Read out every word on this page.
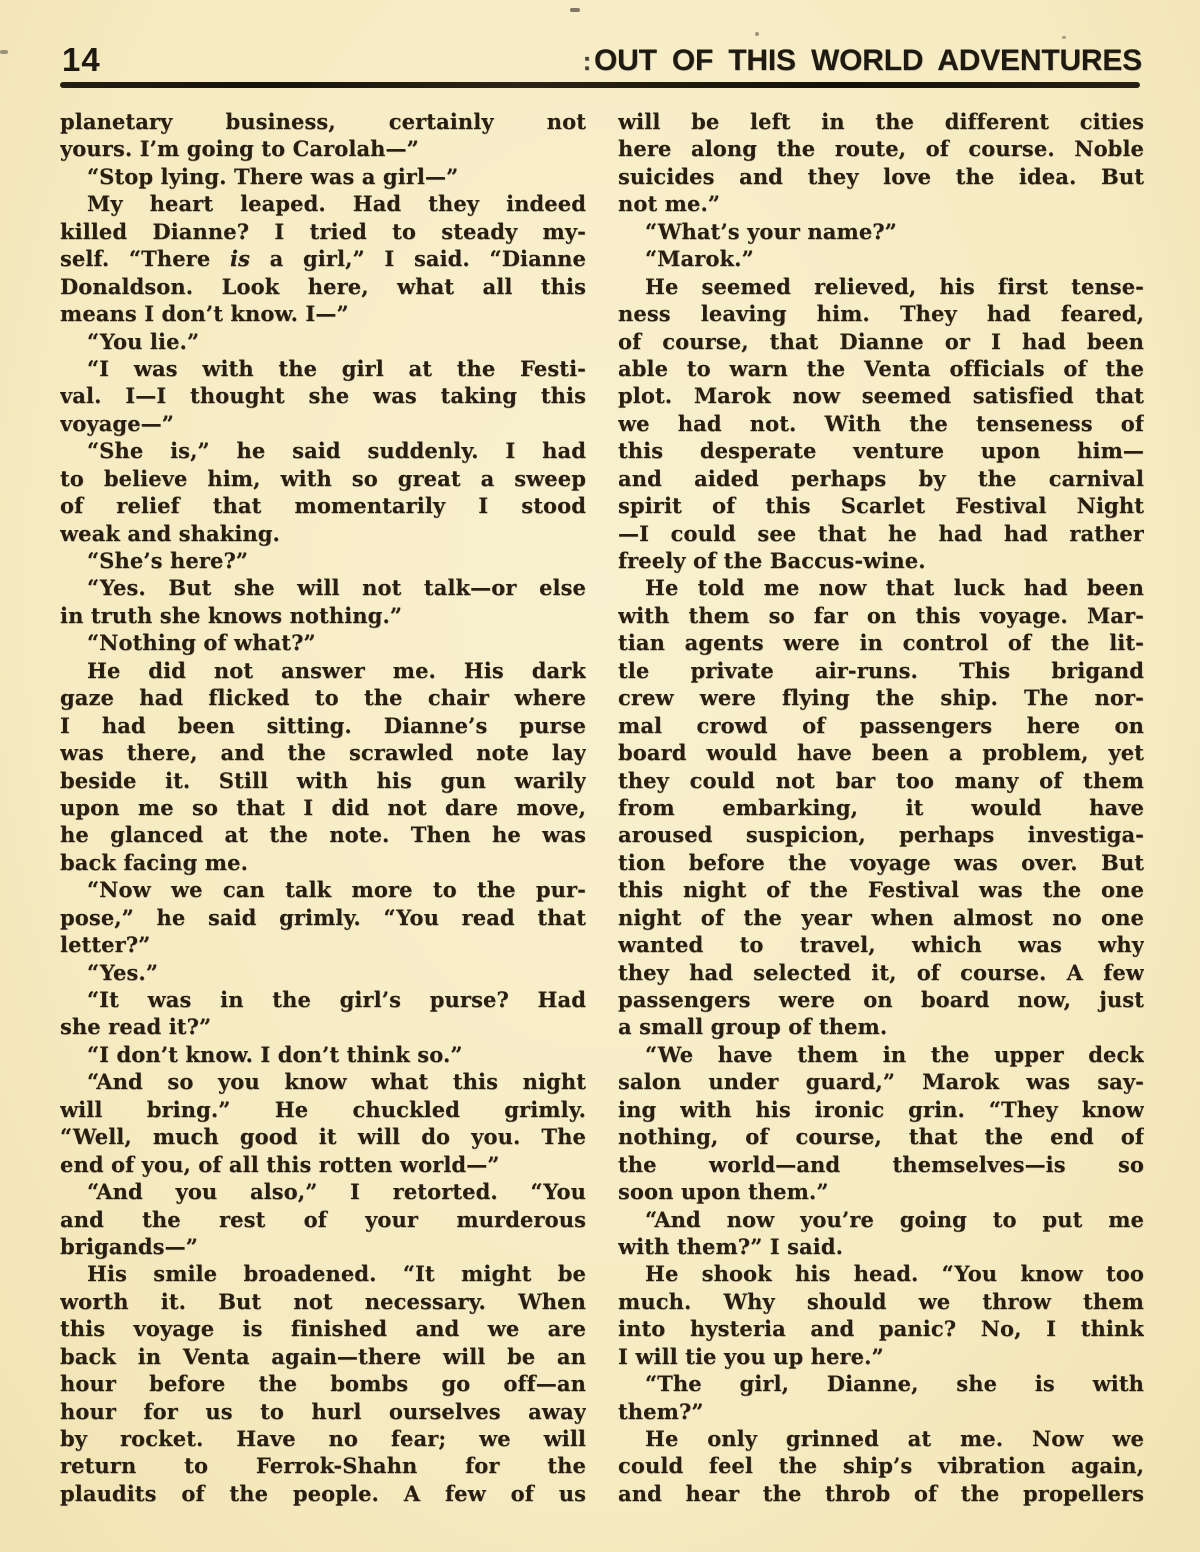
14	: OUT OF THIS WORLD ADVENTURES
planetary business, certainly not
yours. I’m going to Carolah—”
“Stop lying. There was a girl—”
My heart leaped. Had they indeed
killed Dianne? I tried to steady my-
self. “There is a girl,” I said. “Dianne
Donaldson. Look here, what all this
means I don’t know. I—”
“You lie.”
“I was with the girl at the Festi-
val. I—I thought she was taking this
voyage—”
“She is,” he said suddenly. I had
to believe him, with so great a sweep
of relief that momentarily I stood
weak and shaking.
“She’s here?”
“Yes. But she will not talk—or else
in truth she knows nothing.”
“Nothing of what?”
He did not answer me. His dark
gaze had flicked to the chair where
I had been sitting. Dianne’s purse
was there, and the scrawled note lay
beside it. Still with his gun warily
upon me so that I did not dare move,
he glanced at the note. Then he was
back facing me.
“Now we can talk more to the pur-
pose,” he said grimly. “You read that
letter?”
“Yes.”
“It was in the girl’s purse? Had
she read it?”
“I don’t know. I don’t think so.”
“And so you know what this night
will bring.” He chuckled grimly.
“Well, much good it will do you. The
end of you, of all this rotten world—”
“And you also,” I retorted. “You
and the rest of your murderous
brigands—”
His smile broadened. “It might be
worth it. But not necessary. When
this voyage is finished and we are
back in Venta again—there will be an
hour before the bombs go off—an
hour for us to hurl ourselves away
by rocket. Have no fear; we will
return to Ferrok-Shahn for the
plaudits of the people. A few of us
will be left in the different cities
here along the route, of course. Noble
suicides and they love the idea. But
not me.”
“What’s your name?”
“Marok.”
He seemed relieved, his first tense-
ness leaving him. They had feared,
of course, that Dianne or I had been
able to warn the Venta officials of the
plot. Marok now seemed satisfied that
we had not. With the tenseness of
this desperate venture upon him—
and aided perhaps by the carnival
spirit of this Scarlet Festival Night
—I could see that he had had rather
freely of the Baccus-wine.
He told me now that luck had been
with them so far on this voyage. Mar-
tian agents were in control of the lit-
tle private air-runs. This brigand
crew were flying the ship. The nor-
mal crowd of passengers here on
board would have been a problem, yet
they could not bar too many of them
from embarking, it would have
aroused suspicion, perhaps investiga-
tion before the voyage was over. But
this night of the Festival was the one
night of the year when almost no one
wanted to travel, which was why
they had selected it, of course. A few
passengers were on board now, just
a small group of them.
“We have them in the upper deck
salon under guard,” Marok was say-
ing with his ironic grin. “They know
nothing, of course, that the end of
the world—and themselves—is so
soon upon them.”
“And now you’re going to put me
with them?” I said.
He shook his head. “You know too
much. Why should we throw them
into hysteria and panic? No, I think
I will tie you up here.”
“The girl, Dianne, she is with
them?”
He only grinned at me. Now we
could feel the ship’s vibration again,
and hear the throb of the propellers
